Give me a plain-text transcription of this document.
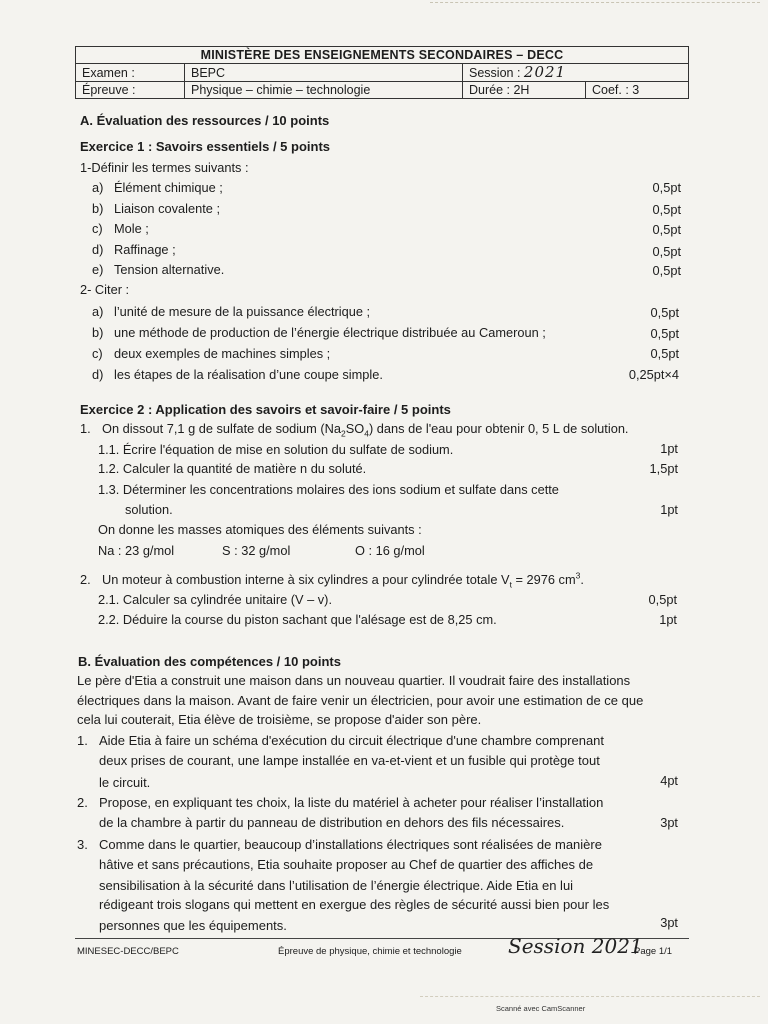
MINISTÈRE DES ENSEIGNEMENTS SECONDAIRES – DECC			
Examen :	BEPC	Session : 2021	
Épreuve :	Physique – chimie – technologie	Durée : 2H	Coef. : 3
A. Évaluation des ressources / 10 points
Exercice 1 : Savoirs essentiels / 5 points
1-Définir les termes suivants :
a) Élément chimique ;	0,5pt
b) Liaison covalente ;	0,5pt
c) Mole ;	0,5pt
d) Raffinage ;	0,5pt
e) Tension alternative.	0,5pt
2- Citer :
a) l’unité de mesure de la puissance électrique ;	0,5pt
b) une méthode de production de l’énergie électrique distribuée au Cameroun ;	0,5pt
c) deux exemples de machines simples ;	0,5pt
d) les étapes de la réalisation d’une coupe simple.	0,25pt×4
Exercice 2 : Application des savoirs et savoir-faire / 5 points
1. On dissout 7,1 g de sulfate de sodium $(Na_2SO_4)$ dans de l'eau pour obtenir 0, 5 L de solution.
1.1. Écrire l'équation de mise en solution du sulfate de sodium.	1pt
1.2. Calculer la quantité de matière n du soluté.	1,5pt
1.3. Déterminer les concentrations molaires des ions sodium et sulfate dans cette
solution.	1pt
On donne les masses atomiques des éléments suivants :
Na : 23 g/mol	S : 32 g/mol	O : 16 g/mol
2. Un moteur à combustion interne à six cylindres a pour cylindrée totale $V_t = 2976$ $cm^3$.
2.1. Calculer sa cylindrée unitaire (V – v).	0,5pt
2.2. Déduire la course du piston sachant que l'alésage est de 8,25 cm.	1pt
B. Évaluation des compétences / 10 points
Le père d'Etia a construit une maison dans un nouveau quartier. Il voudrait faire des installations
électriques dans la maison. Avant de faire venir un électricien, pour avoir une estimation de ce que
cela lui couterait, Etia élève de troisième, se propose d'aider son père.
1. Aide Etia à faire un schéma d'exécution du circuit électrique d'une chambre comprenant
deux prises de courant, une lampe installée en va-et-vient et un fusible qui protège tout
le circuit.	4pt
2. Propose, en expliquant tes choix, la liste du matériel à acheter pour réaliser l’installation
de la chambre à partir du panneau de distribution en dehors des fils nécessaires.	3pt
3. Comme dans le quartier, beaucoup d’installations électriques sont réalisées de manière
hâtive et sans précautions, Etia souhaite proposer au Chef de quartier des affiches de
sensibilisation à la sécurité dans l’utilisation de l’énergie électrique. Aide Etia en lui
rédigeant trois slogans qui mettent en exergue des règles de sécurité aussi bien pour les
personnes que les équipements.	3pt
MINESEC-DECC/BEPC	Épreuve de physique, chimie et technologie Session 2021
Page 1/1
Scanné avec CamScanner
